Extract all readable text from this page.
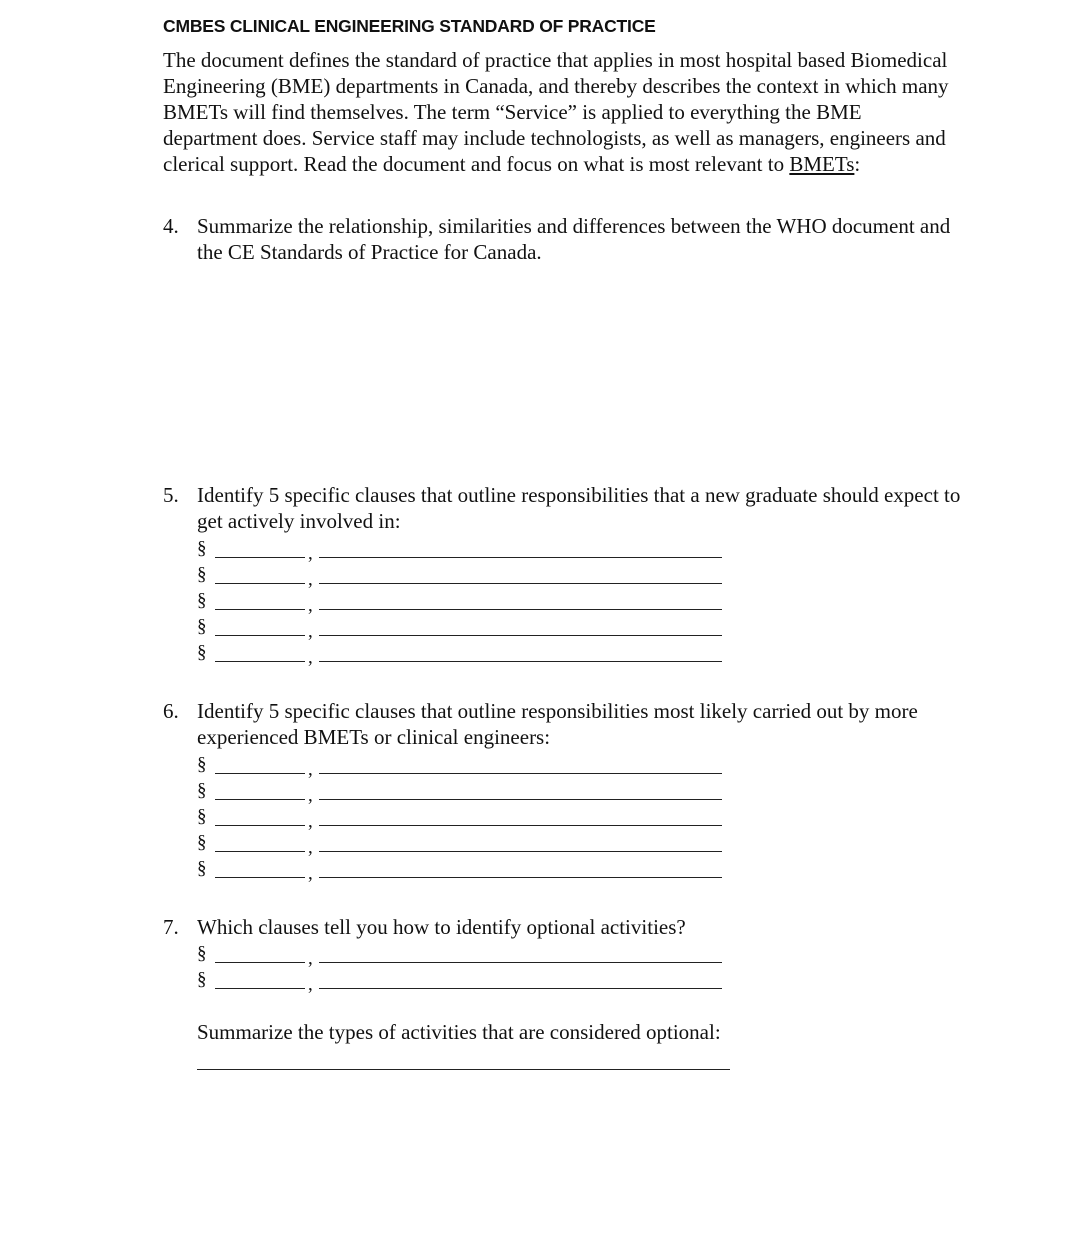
CMBES CLINICAL ENGINEERING STANDARD OF PRACTICE
The document defines the standard of practice that applies in most hospital based Biomedical Engineering (BME) departments in Canada, and thereby describes the context in which many BMETs will find themselves. The term “Service” is applied to everything the BME department does. Service staff may include technologists, as well as managers, engineers and clerical support. Read the document and focus on what is most relevant to BMETs:
4. Summarize the relationship, similarities and differences between the WHO document and the CE Standards of Practice for Canada.
5. Identify 5 specific clauses that outline responsibilities that a new graduate should expect to get actively involved in:
§	,
§	,
§	,
§	,
§	,
6. Identify 5 specific clauses that outline responsibilities most likely carried out by more experienced BMETs or clinical engineers:
§	,
§	,
§	,
§	,
§	,
7. Which clauses tell you how to identify optional activities?
§	,
§	,
Summarize the types of activities that are considered optional:
